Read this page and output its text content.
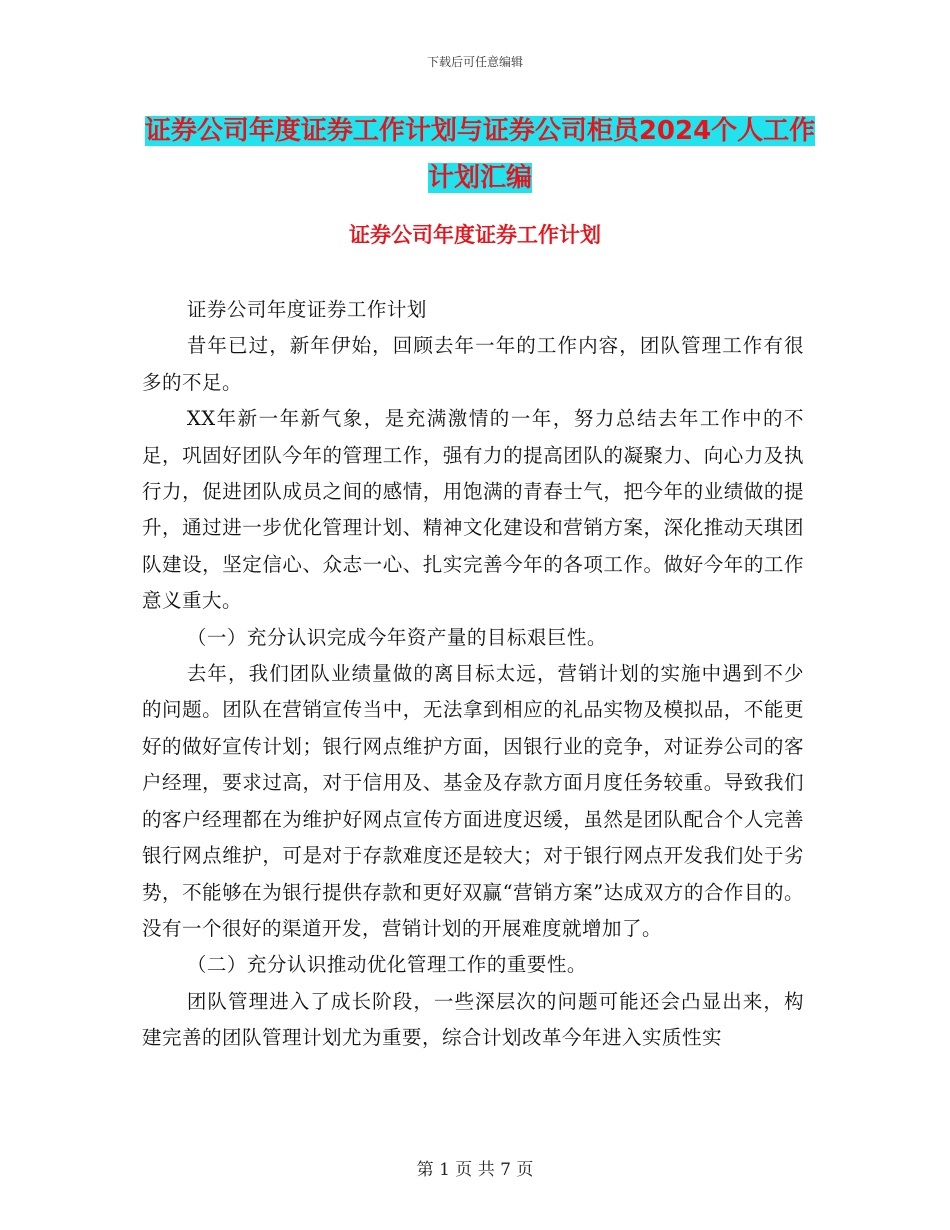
下载后可任意编辑
证券公司年度证券工作计划与证券公司柜员2024个人工作计划汇编
证券公司年度证券工作计划

证券公司年度证券工作计划

昔年已过，新年伊始，回顾去年一年的工作内容，团队管理工作有很多的不足。

XX年新一年新气象，是充满激情的一年，努力总结去年工作中的不足，巩固好团队今年的管理工作，强有力的提高团队的凝聚力、向心力及执行力，促进团队成员之间的感情，用饱满的青春士气，把今年的业绩做的提升，通过进一步优化管理计划、精神文化建设和营销方案，深化推动天琪团队建设，坚定信心、众志一心、扎实完善今年的各项工作。做好今年的工作意义重大。

（一）充分认识完成今年资产量的目标艰巨性。

去年，我们团队业绩量做的离目标太远，营销计划的实施中遇到不少的问题。团队在营销宣传当中，无法拿到相应的礼品实物及模拟品，不能更好的做好宣传计划；银行网点维护方面，因银行业的竞争，对证券公司的客户经理，要求过高，对于信用及、基金及存款方面月度任务较重。导致我们的客户经理都在为维护好网点宣传方面进度迟缓，虽然是团队配合个人完善银行网点维护，可是对于存款难度还是较大；对于银行网点开发我们处于劣势，不能够在为银行提供存款和更好双赢“营销方案”达成双方的合作目的。没有一个很好的渠道开发，营销计划的开展难度就增加了。

（二）充分认识推动优化管理工作的重要性。

团队管理进入了成长阶段，一些深层次的问题可能还会凸显出来，构建完善的团队管理计划尤为重要，综合计划改革今年进入实质性实

第 1 页 共 7 页
